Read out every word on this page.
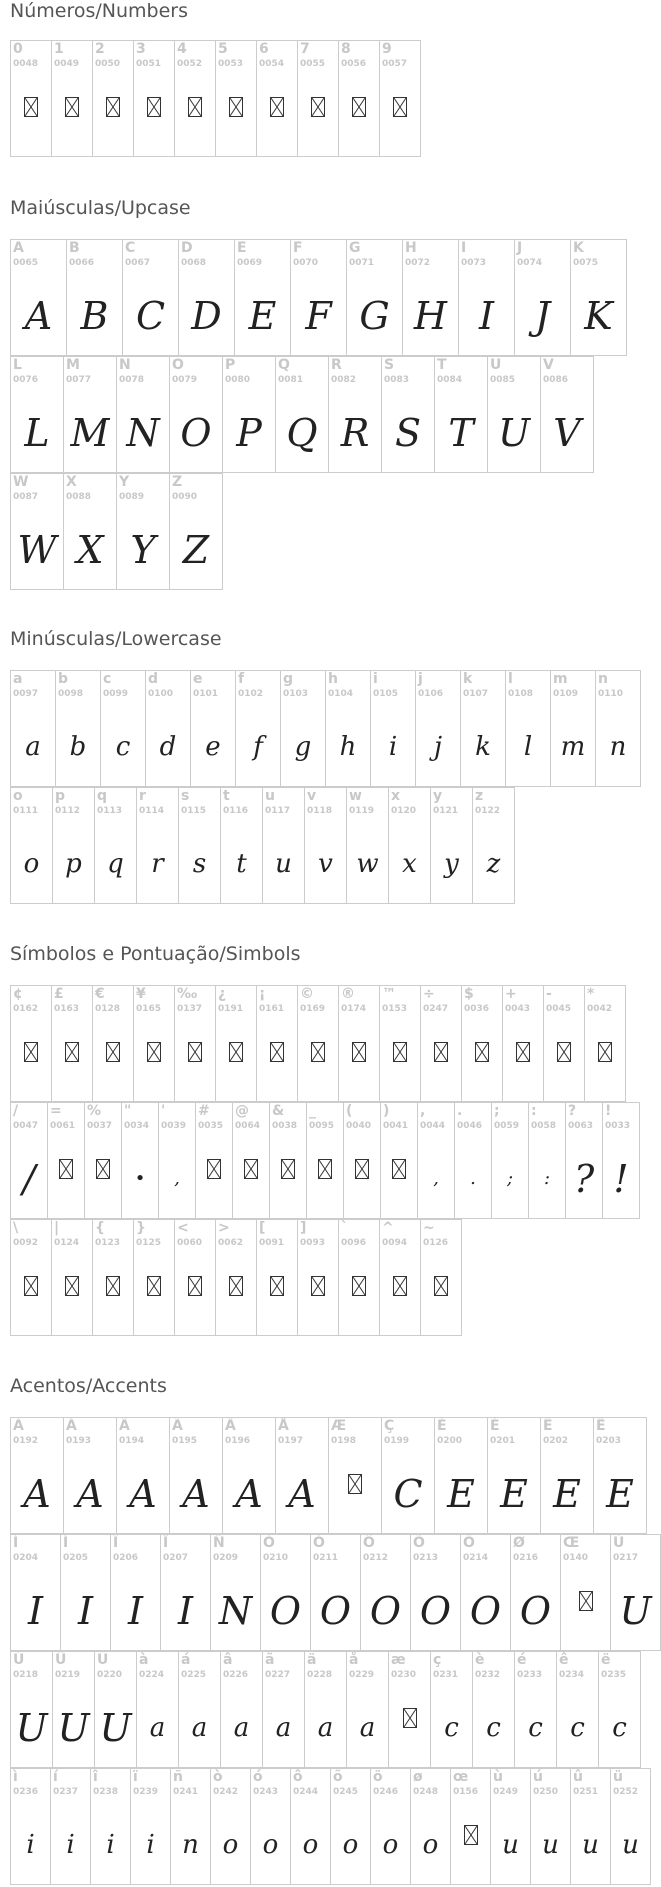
Números/Numbers
Maiúsculas/Upcase
Minúsculas/Lowercase
Símbolos e Pontuação/Simbols
Acentos/Accents
0
0048
1
0049
2
0050
3
0051
4
0052
5
0053
6
0054
7
0055
8
0056
9
0057
A
0065
A
B
0066
B
C
0067
C
D
0068
D
E
0069
E
F
0070
F
G
0071
G
H
0072
H
I
0073
I
J
0074
J
K
0075
K
L
0076
L
M
0077
M
N
0078
N
O
0079
O
P
0080
P
Q
0081
Q
R
0082
R
S
0083
S
T
0084
T
U
0085
U
V
0086
V
W
0087
W
X
0088
X
Y
0089
Y
Z
0090
Z
a
0097
a
b
0098
b
c
0099
c
d
0100
d
e
0101
e
f
0102
f
g
0103
g
h
0104
h
i
0105
i
j
0106
j
k
0107
k
l
0108
l
m
0109
m
n
0110
n
o
0111
o
p
0112
p
q
0113
q
r
0114
r
s
0115
s
t
0116
t
u
0117
u
v
0118
v
w
0119
w
x
0120
x
y
0121
y
z
0122
z
¢
0162
£
0163
€
0128
¥
0165
‰
0137
¿
0191
¡
0161
©
0169
®
0174
™
0153
÷
0247
$
0036
+
0043
-
0045
*
0042
/
0047
/
=
0061
%
0037
"
0034
•
'
0039
,
#
0035
@
0064
&
0038
_
0095
(
0040
)
0041
,
0044
,
.
0046
.
;
0059
;
:
0058
:
?
0063
?
!
0033
!
\
0092
|
0124
{
0123
}
0125
<
0060
>
0062
[
0091
]
0093
`
0096
^
0094
~
0126
À
0192
A
Á
0193
A
Â
0194
A
Ã
0195
A
Ä
0196
A
Å
0197
A
Æ
0198
Ç
0199
C
È
0200
E
É
0201
E
Ê
0202
E
Ë
0203
E
Ì
0204
I
Í
0205
I
Î
0206
I
Ï
0207
I
Ñ
0209
N
Ò
0210
O
Ó
0211
O
Ô
0212
O
Õ
0213
O
Ö
0214
O
Ø
0216
O
Œ
0140
Ù
0217
U
Ú
0218
U
Û
0219
U
Ü
0220
U
à
0224
a
á
0225
a
â
0226
a
ã
0227
a
ä
0228
a
å
0229
a
æ
0230
ç
0231
c
è
0232
c
é
0233
c
ê
0234
c
ë
0235
c
ì
0236
i
í
0237
i
î
0238
i
ï
0239
i
ñ
0241
n
ò
0242
o
ó
0243
o
ô
0244
o
õ
0245
o
ö
0246
o
ø
0248
o
œ
0156
ù
0249
u
ú
0250
u
û
0251
u
ü
0252
u
